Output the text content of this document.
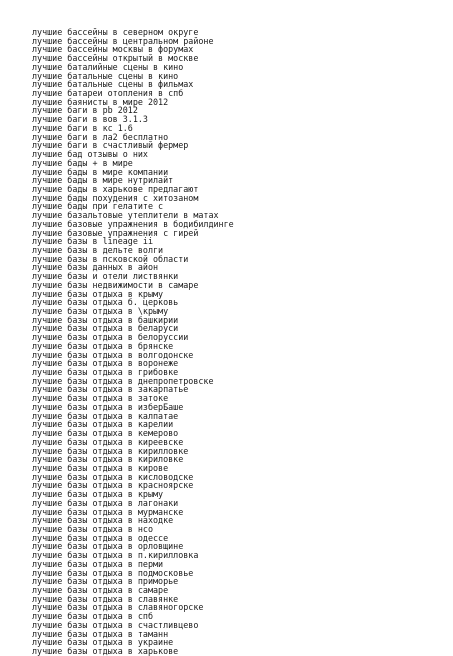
лучшие бассейны в северном округе
лучшие бассейны в центральном районе
лучшие бассейны москвы в форумах
лучшие бассейны открытый в москве
лучшие баталийные сцены в кино
лучшие батальные сцены в кино
лучшие батальные сцены в фильмах
лучшие батареи отопления в спб
лучшие баянисты в мире 2012
лучшие баги в pb 2012
лучшие баги в вов 3.1.3
лучшие баги в кс 1.6
лучшие баги в ла2 бесплатно
лучшие баги в счастливый фермер
лучшие бад отзывы о них
лучшие бады + в мире
лучшие бады в мире компании
лучшие бады в мире нутрилайт
лучшие бады в харькове предлагают
лучшие бады похудения с хитозаном
лучшие бады при гелатите с
лучшие базальтовые утеплители в матах
лучшие базовые упражнения в бодибилдинге
лучшие базовые упражнения с гирей
лучшие базы в lineage ii
лучшие базы в дельте волги
лучшие базы в псковской области
лучшие базы данных в айон
лучшие базы и отели листвянки
лучшие базы недвижимости в самаре
лучшие базы отдыха в крыму
лучшие базы отдыха б. церковь
лучшие базы отдыха в \крыму
лучшие базы отдыха в башкирии
лучшие базы отдыха в беларуси
лучшие базы отдыха в белоруссии
лучшие базы отдыха в брянске
лучшие базы отдыха в волгодонске
лучшие базы отдыха в воронеже
лучшие базы отдыха в грибовке
лучшие базы отдыха в днепропетровске
лучшие базы отдыха в закарпатье
лучшие базы отдыха в затоке
лучшие базы отдыха в изберБаше
лучшие базы отдыха в калпатае
лучшие базы отдыха в карелии
лучшие базы отдыха в кемерово
лучшие базы отдыха в киреевске
лучшие базы отдыха в кирилловке
лучшие базы отдыха в кириловке
лучшие базы отдыха в кирове
лучшие базы отдыха в кисловодске
лучшие базы отдыха в красноярске
лучшие базы отдыха в крыму
лучшие базы отдыха в лагонаки
лучшие базы отдыха в мурманске
лучшие базы отдыха в находке
лучшие базы отдыха в нсо
лучшие базы отдыха в одессе
лучшие базы отдыха в орловщине
лучшие базы отдыха в п.кирилловка
лучшие базы отдыха в перми
лучшие базы отдыха в подмосковье
лучшие базы отдыха в приморье
лучшие базы отдыха в самаре
лучшие базы отдыха в славянке
лучшие базы отдыха в славяногорске
лучшие базы отдыха в спб
лучшие базы отдыха в счастливцево
лучшие базы отдыха в таманн
лучшие базы отдыха в украине
лучшие базы отдыха в харькове
